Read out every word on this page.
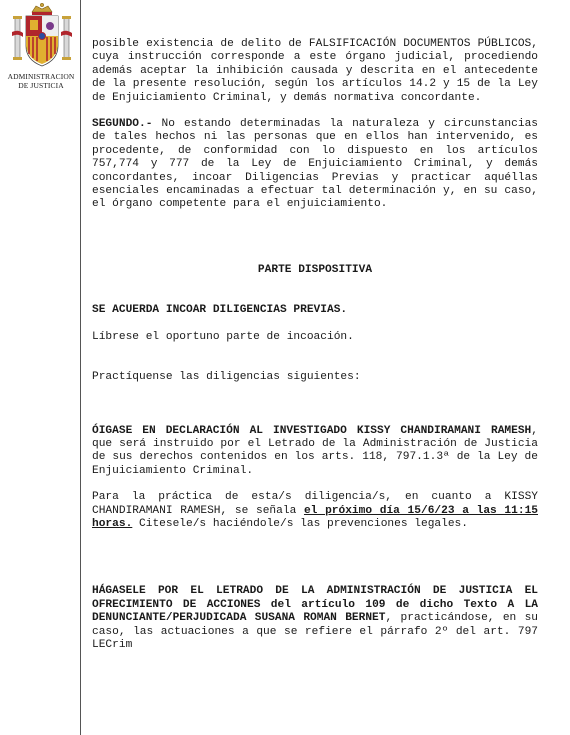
ADMINISTRACION
DE JUSTICIA

posible existencia de delito de FALSIFICACIÓN DOCUMENTOS PÚBLICOS, cuya instrucción corresponde a este órgano judicial, procediendo además aceptar la inhibición causada y descrita en el antecedente de la presente resolución, según los artículos 14.2 y 15 de la Ley de Enjuiciamiento Criminal, y demás normativa concordante.

SEGUNDO.- No estando determinadas la naturaleza y circunstancias de tales hechos ni las personas que en ellos han intervenido, es procedente, de conformidad con lo dispuesto en los artículos 757,774 y 777 de la Ley de Enjuiciamiento Criminal, y demás concordantes, incoar Diligencias Previas y practicar aquéllas esenciales encaminadas a efectuar tal determinación y, en su caso, el órgano competente para el enjuiciamiento.

PARTE DISPOSITIVA

SE ACUERDA INCOAR DILIGENCIAS PREVIAS.

Líbrese el oportuno parte de incoación.

Practíquense las diligencias siguientes:

ÓIGASE EN DECLARACIÓN AL INVESTIGADO KISSY CHANDIRAMANI RAMESH, que será instruido por el Letrado de la Administración de Justicia de sus derechos contenidos en los arts. 118, 797.1.3ª de la Ley de Enjuiciamiento Criminal.

Para la práctica de esta/s diligencia/s, en cuanto a KISSY CHANDIRAMANI RAMESH, se señala el próximo día 15/6/23 a las 11:15 horas. Citesele/s haciéndole/s las prevenciones legales.

HÁGASELE POR EL LETRADO DE LA ADMINISTRACIÓN DE JUSTICIA EL OFRECIMIENTO DE ACCIONES del artículo 109 de dicho Texto A LA DENUNCIANTE/PERJUDICADA SUSANA ROMAN BERNET, practicándose, en su caso, las actuaciones a que se refiere el párrafo 2º del art. 797 LECrim
